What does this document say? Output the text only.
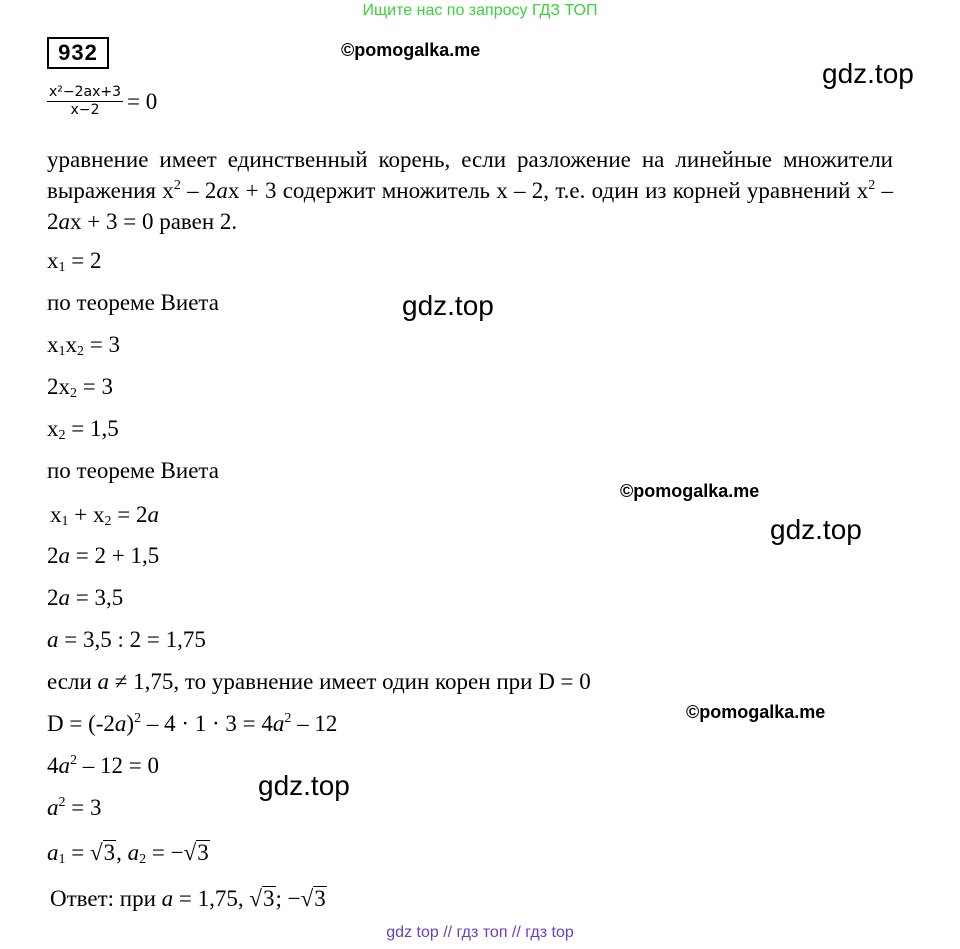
Ищите нас по запросу ГДЗ ТОП
932	©pomogalka.me
gdz.top
gdz.top
©pomogalka.me
gdz.top
©pomogalka.me
gdz.top
$\frac{\text{x²−2ax+3}}{x-2} = 0$
уравнение имеет единственный корень, если разложение на линейные множители выражения $x^2 - 2ax + 3$ содержит множитель x – 2, т.е. один из корней уравнений $x^2 - 2ax + 3 = 0$ равен 2.
$x_1 = 2$
по теореме Виета
$x_1x_2 = 3$
$2x_2 = 3$
$x_2 = 1,5$
по теореме Виета
$x_1 + x_2 = 2a$
2a = 2 + 1,5
2a = 3,5
a = 3,5 : 2 = 1,75
если a ≠ 1,75, то уравнение имеет один корен при D = 0
$D = (-2a)^2 - 4 \cdot 1 \cdot 3 = 4a^2 - 12$
$4a^2 - 12 = 0$
$a^2 = 3$
$a_1 = √3$, $a_2 = -√3$
Ответ: при a = 1,75, √3; −√3
gdz top // гдз топ // гдз top
